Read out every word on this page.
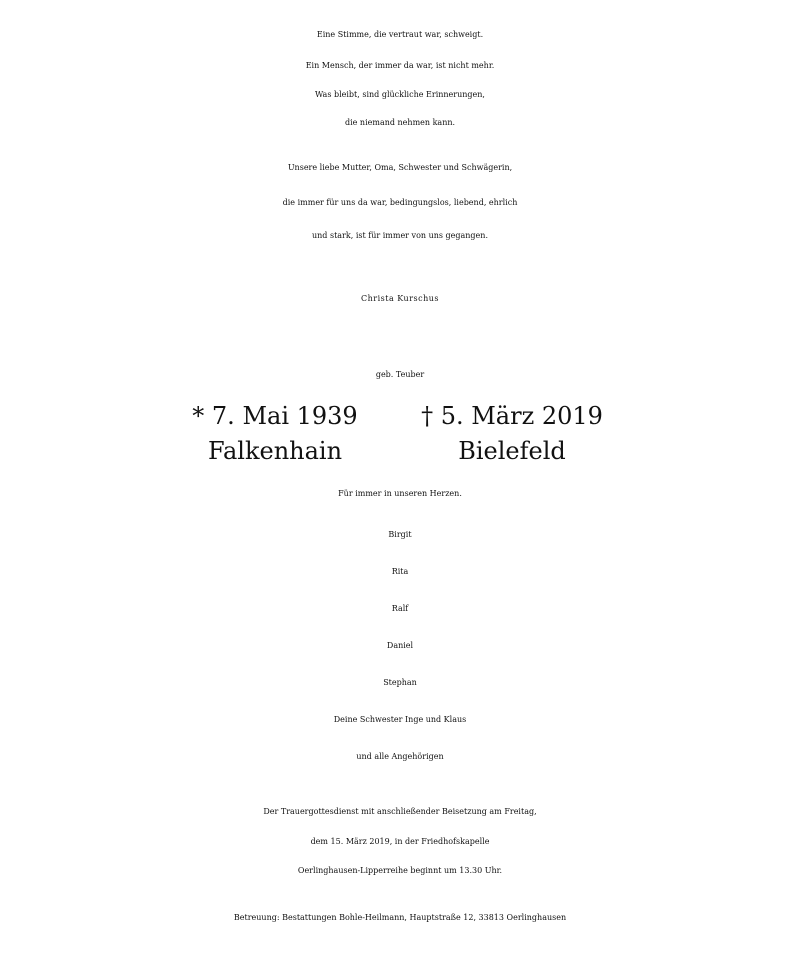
Eine Stimme, die vertraut war, schweigt.
Ein Mensch, der immer da war, ist nicht mehr.
Was bleibt, sind glückliche Erinnerungen,
die niemand nehmen kann.
Unsere liebe Mutter, Oma, Schwester und Schwägerin,
die immer für uns da war, bedingungslos, liebend, ehrlich
und stark, ist für immer von uns gegangen.
Christa Kurschus
geb. Teuber
* 7. Mai 1939	† 5. März 2019
Falkenhain	Bielefeld
Für immer in unseren Herzen.
Birgit
Rita
Ralf
Daniel
Stephan
Deine Schwester Inge und Klaus
und alle Angehörigen
Der Trauergottesdienst mit anschließender Beisetzung am Freitag,
dem 15. März 2019, in der Friedhofskapelle
Oerlinghausen-Lipperreihe beginnt um 13.30 Uhr.
Betreuung: Bestattungen Bohle-Heilmann, Hauptstraße 12, 33813 Oerlinghausen
